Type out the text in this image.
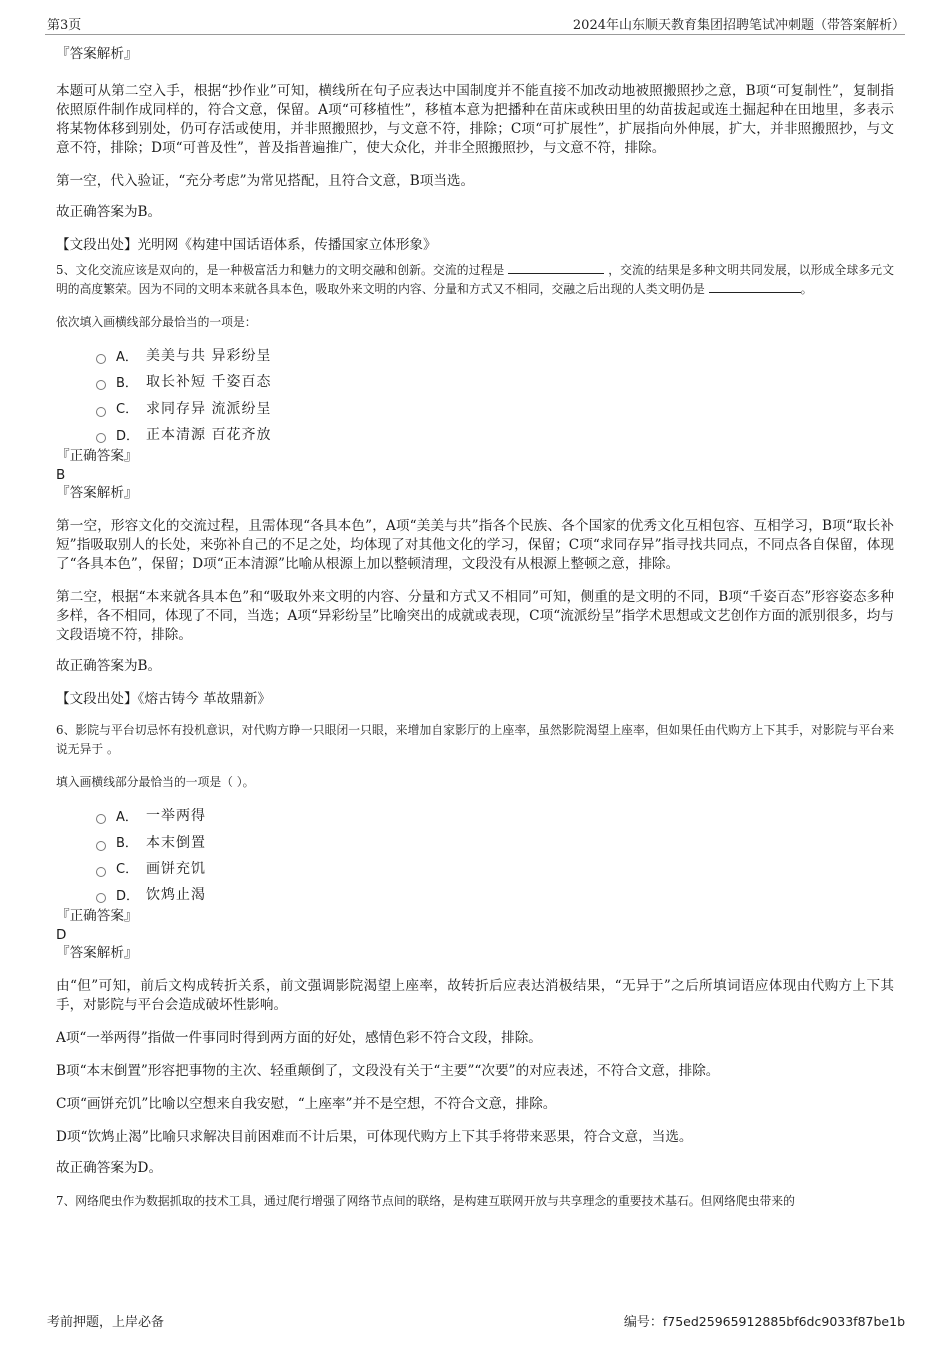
第3页	2024年山东顺天教育集团招聘笔试冲刺题（带答案解析）

『答案解析』

本题可从第二空入手，根据“抄作业”可知，横线所在句子应表达中国制度并不能直接不加改动地被照搬照抄之意，B项“可复制性”，复制指依照原件制作成同样的，符合文意，保留。A项“可移植性”，移植本意为把播种在苗床或秧田里的幼苗拔起或连土掘起种在田地里，多表示将某物体移到别处，仍可存活或使用，并非照搬照抄，与文意不符，排除；C项“可扩展性”，扩展指向外伸展，扩大，并非照搬照抄，与文意不符，排除；D项“可普及性”，普及指普遍推广，使大众化，并非全照搬照抄，与文意不符，排除。

第一空，代入验证，“充分考虑”为常见搭配，且符合文意，B项当选。

故正确答案为B。

【文段出处】光明网《构建中国话语体系，传播国家立体形象》

5、文化交流应该是双向的，是一种极富活力和魅力的文明交融和创新。交流的过程是	，交流的结果是多种文明共同发展，以形成全球多元文明的高度繁荣。因为不同的文明本来就各具本色，吸取外来文明的内容、分量和方式又不相同，交融之后出现的人类文明仍是	。

依次填入画横线部分最恰当的一项是：

A． 美美与共 异彩纷呈
B． 取长补短 千姿百态
C． 求同存异 流派纷呈
D． 正本清源 百花齐放

『正确答案』

B

『答案解析』

第一空，形容文化的交流过程，且需体现“各具本色”，A项“美美与共”指各个民族、各个国家的优秀文化互相包容、互相学习，B项“取长补短”指吸取别人的长处，来弥补自己的不足之处，均体现了对其他文化的学习，保留；C项“求同存异”指寻找共同点，不同点各自保留，体现了“各具本色”，保留；D项“正本清源”比喻从根源上加以整顿清理，文段没有从根源上整顿之意，排除。

第二空，根据“本来就各具本色”和“吸取外来文明的内容、分量和方式又不相同”可知，侧重的是文明的不同，B项“千姿百态”形容姿态多种多样，各不相同，体现了不同，当选；A项“异彩纷呈”比喻突出的成就或表现，C项“流派纷呈”指学术思想或文艺创作方面的派别很多，均与文段语境不符，排除。

故正确答案为B。

【文段出处】《熔古铸今 革故鼎新》

6、影院与平台切忌怀有投机意识，对代购方睁一只眼闭一只眼，来增加自家影厅的上座率，虽然影院渴望上座率，但如果任由代购方上下其手，对影院与平台来说无异于 。

填入画横线部分最恰当的一项是（ ）。

A． 一举两得
B． 本末倒置
C． 画饼充饥
D． 饮鸩止渴

『正确答案』

D

『答案解析』

由“但”可知，前后文构成转折关系，前文强调影院渴望上座率，故转折后应表达消极结果，“无异于”之后所填词语应体现由代购方上下其手，对影院与平台会造成破坏性影响。

A项“一举两得”指做一件事同时得到两方面的好处，感情色彩不符合文段，排除。

B项“本末倒置”形容把事物的主次、轻重颠倒了，文段没有关于“主要”“次要”的对应表述，不符合文意，排除。

C项“画饼充饥”比喻以空想来自我安慰，“上座率”并不是空想，不符合文意，排除。

D项“饮鸩止渴”比喻只求解决目前困难而不计后果，可体现代购方上下其手将带来恶果，符合文意，当选。

故正确答案为D。

7、网络爬虫作为数据抓取的技术工具，通过爬行增强了网络节点间的联络，是构建互联网开放与共享理念的重要技术基石。但网络爬虫带来的

考前押题，上岸必备	编号：f75ed25965912885bf6dc9033f87be1b
